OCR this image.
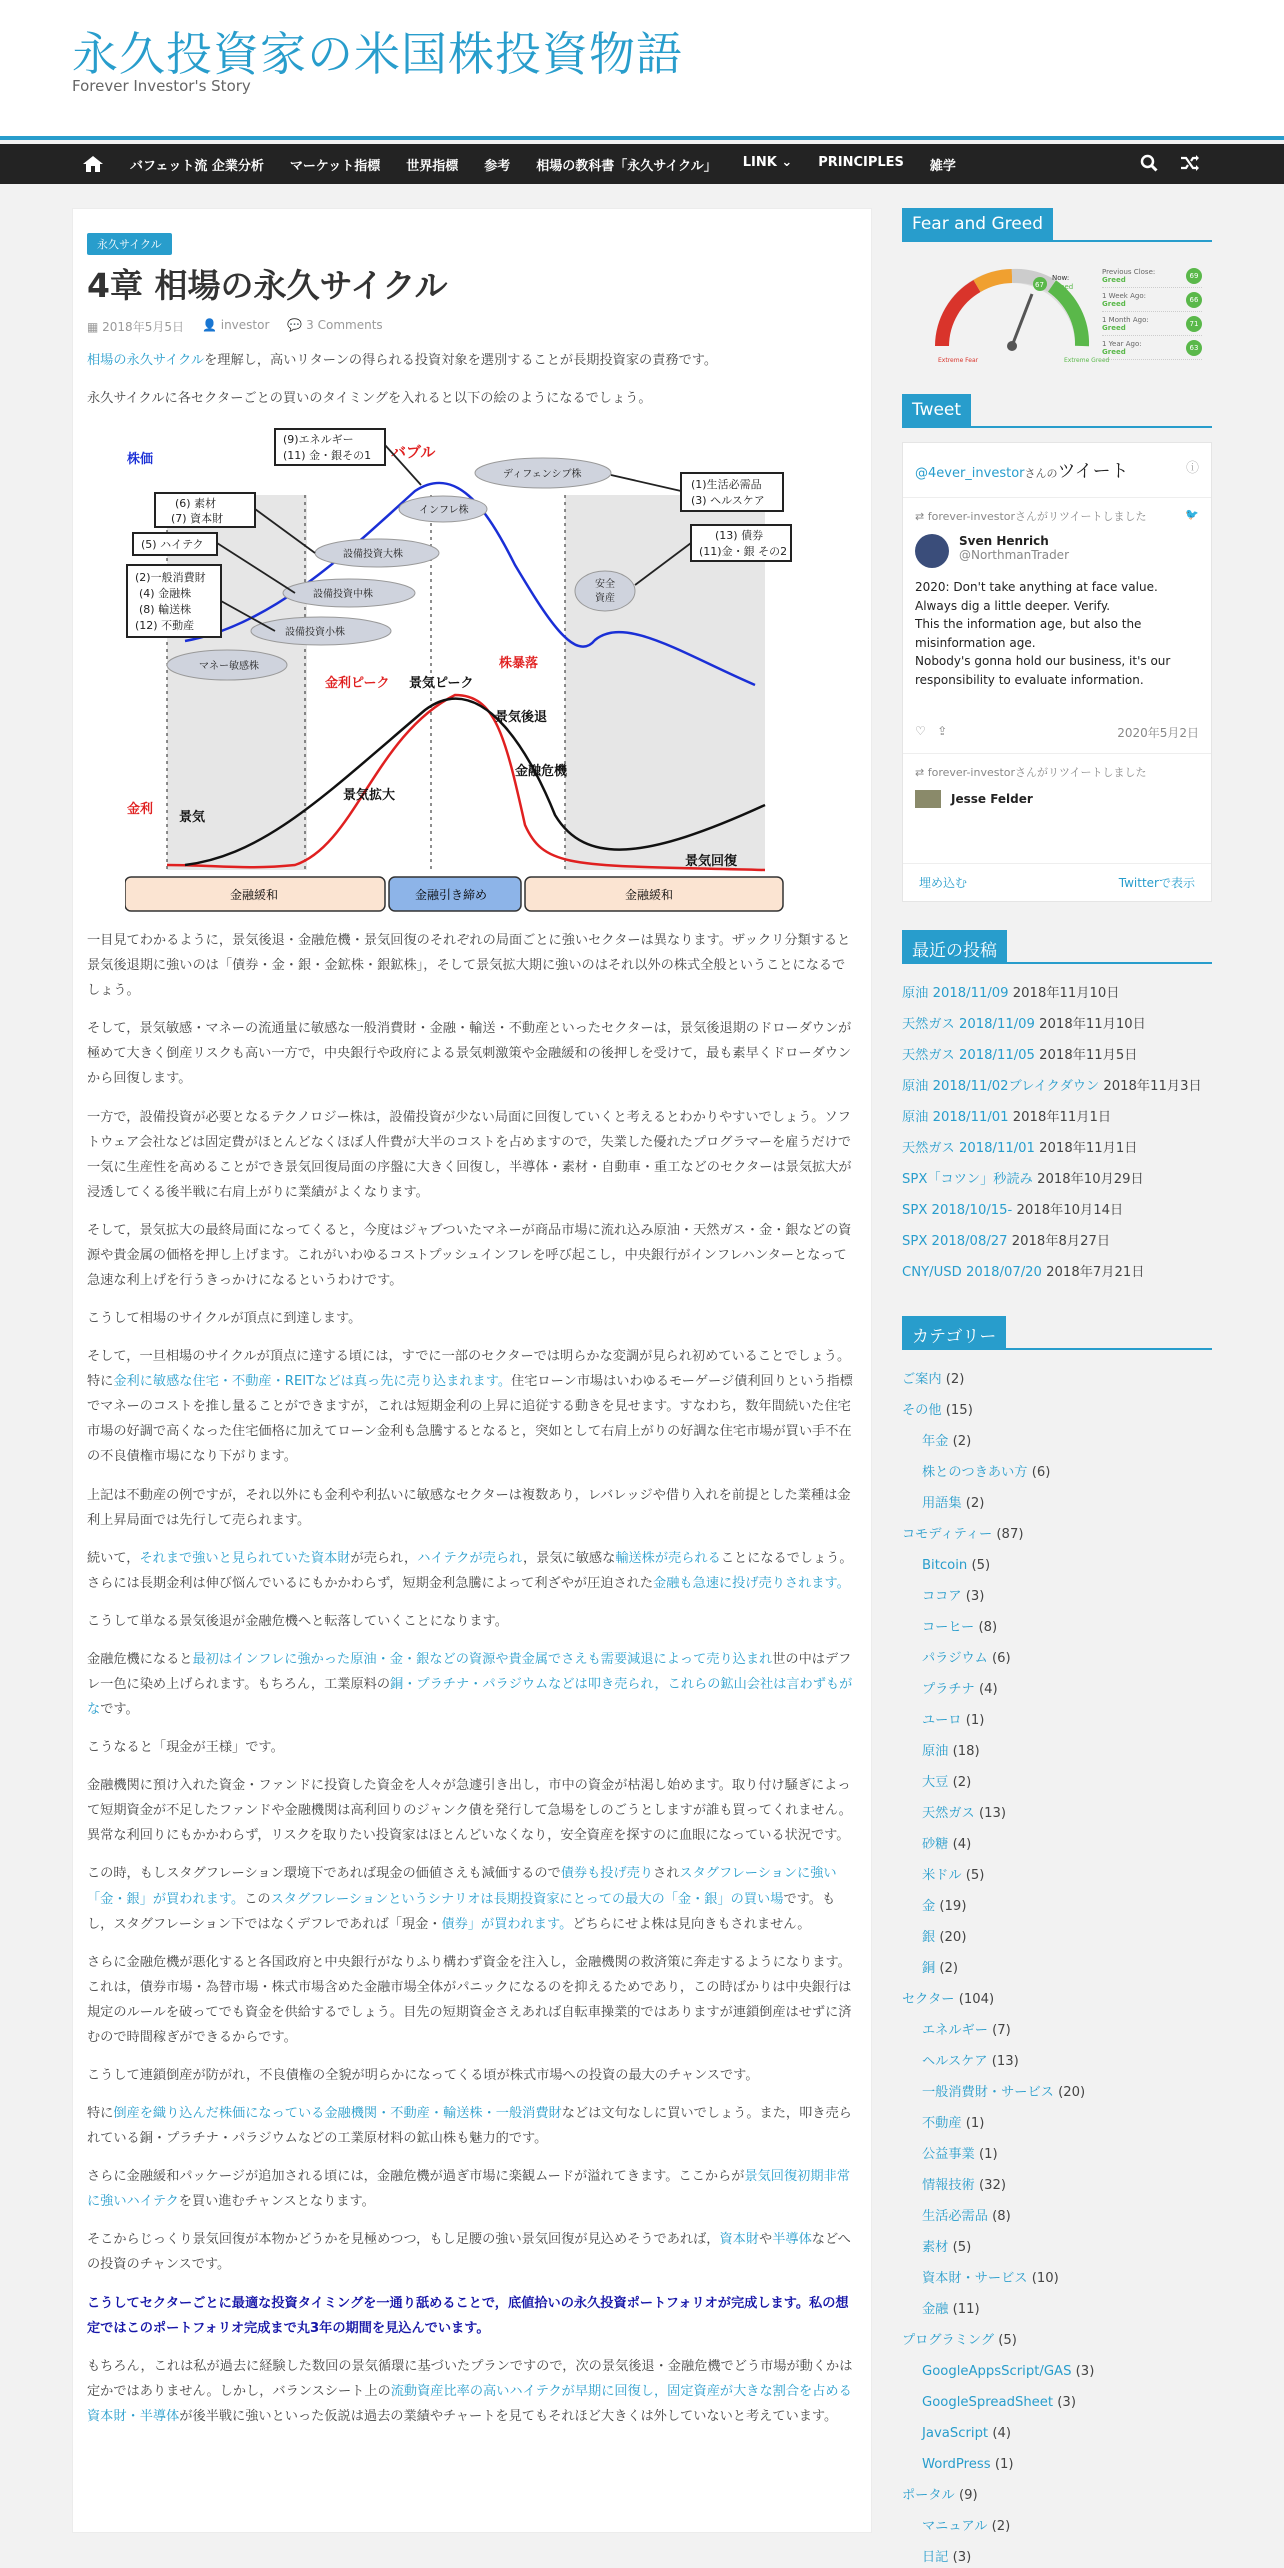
永久投資家の米国株投資物語
Forever Investor's Story
バフェット流 企業分析 マーケット指標 世界指標 参考 相場の教科書「永久サイクル」 LINK ⌄ PRINCIPLES 雑学
永久サイクル
4章 相場の永久サイクル
▦ 2018年5月5日 👤 investor 💬 3 Comments

相場の永久サイクルを理解し，高いリターンの得られる投資対象を選別することが長期投資家の責務です。

永久サイクルに各セクターごとの買いのタイミングを入れると以下の絵のようになるでしょう。

株価	バブル
金利
景気
金利ピーク 景気ピーク
株暴落
景気後退
景気拡大
金融危機
景気回復
(9)エネルギー
(11) 金・銀その1
(6) 素材
(7) 資本財
(5) ハイテク
(2)一般消費財
(4) 金融株
(8) 輸送株
(12) 不動産
(1)生活必需品
(3) ヘルスケア
(13) 債券
(11)金・銀 その2
ディフェンシブ株
インフレ株
設備投資大株
設備投資中株
設備投資小株
マネー敏感株
安全
資産
金融緩和	金融引き締め	金融緩和

一目見てわかるように，景気後退・金融危機・景気回復のそれぞれの局面ごとに強いセクターは異なります。ザックリ分類すると景気後退期に強いのは「債券・金・銀・金鉱株・銀鉱株」，そして景気拡大期に強いのはそれ以外の株式全般ということになるでしょう。

そして，景気敏感・マネーの流通量に敏感な一般消費財・金融・輸送・不動産といったセクターは，景気後退期のドローダウンが極めて大きく倒産リスクも高い一方で，中央銀行や政府による景気刺激策や金融緩和の後押しを受けて，最も素早くドローダウンから回復します。

一方で，設備投資が必要となるテクノロジー株は，設備投資が少ない局面に回復していくと考えるとわかりやすいでしょう。ソフトウェア会社などは固定費がほとんどなくほぼ人件費が大半のコストを占めますので，失業した優れたプログラマーを雇うだけで一気に生産性を高めることができ景気回復局面の序盤に大きく回復し，半導体・素材・自動車・重工などのセクターは景気拡大が浸透してくる後半戦に右肩上がりに業績がよくなります。

そして，景気拡大の最終局面になってくると，今度はジャブついたマネーが商品市場に流れ込み原油・天然ガス・金・銀などの資源や貴金属の価格を押し上げます。これがいわゆるコストプッシュインフレを呼び起こし，中央銀行がインフレハンターとなって急速な利上げを行うきっかけになるというわけです。

こうして相場のサイクルが頂点に到達します。

そして，一旦相場のサイクルが頂点に達する頃には，すでに一部のセクターでは明らかな変調が見られ初めていることでしょう。特に金利に敏感な住宅・不動産・REITなどは真っ先に売り込まれます。住宅ローン市場はいわゆるモーゲージ債利回りという指標でマネーのコストを推し量ることができますが，これは短期金利の上昇に追従する動きを見せます。すなわち，数年間続いた住宅市場の好調で高くなった住宅価格に加えてローン金利も急騰するとなると，突如として右肩上がりの好調な住宅市場が買い手不在の不良債権市場になり下がります。

上記は不動産の例ですが，それ以外にも金利や利払いに敏感なセクターは複数あり，レバレッジや借り入れを前提とした業種は金利上昇局面では先行して売られます。

続いて，それまで強いと見られていた資本財が売られ，ハイテクが売られ，景気に敏感な輸送株が売られることになるでしょう。さらには長期金利は伸び悩んでいるにもかかわらず，短期金利急騰によって利ざやが圧迫された金融も急速に投げ売りされます。

こうして単なる景気後退が金融危機へと転落していくことになります。

金融危機になると最初はインフレに強かった原油・金・銀などの資源や貴金属でさえも需要減退によって売り込まれ世の中はデフレ一色に染め上げられます。もちろん，工業原料の銅・プラチナ・パラジウムなどは叩き売られ，これらの鉱山会社は言わずもがなです。

こうなると「現金が王様」です。

金融機関に預け入れた資金・ファンドに投資した資金を人々が急遽引き出し，市中の資金が枯渇し始めます。取り付け騒ぎによって短期資金が不足したファンドや金融機関は高利回りのジャンク債を発行して急場をしのごうとしますが誰も買ってくれません。異常な利回りにもかかわらず，リスクを取りたい投資家はほとんどいなくなり，安全資産を探すのに血眼になっている状況です。

この時，もしスタグフレーション環境下であれば現金の価値さえも減価するので債券も投げ売りされスタグフレーションに強い「金・銀」が買われます。このスタグフレーションというシナリオは長期投資家にとっての最大の「金・銀」の買い場です。もし，スタグフレーション下ではなくデフレであれば「現金・債券」が買われます。どちらにせよ株は見向きもされません。

さらに金融危機が悪化すると各国政府と中央銀行がなりふり構わず資金を注入し，金融機関の救済策に奔走するようになります。これは，債券市場・為替市場・株式市場含めた金融市場全体がパニックになるのを抑えるためであり，この時ばかりは中央銀行は規定のルールを破ってでも資金を供給するでしょう。目先の短期資金さえあれば自転車操業的ではありますが連鎖倒産はせずに済むので時間稼ぎができるからです。

こうして連鎖倒産が防がれ，不良債権の全貌が明らかになってくる頃が株式市場への投資の最大のチャンスです。

特に倒産を織り込んだ株価になっている金融機関・不動産・輸送株・一般消費財などは文句なしに買いでしょう。また，叩き売られている銅・プラチナ・パラジウムなどの工業原材料の鉱山株も魅力的です。

さらに金融緩和パッケージが追加される頃には，金融危機が過ぎ市場に楽観ムードが溢れてきます。ここからが景気回復初期非常に強いハイテクを買い進むチャンスとなります。

そこからじっくり景気回復が本物かどうかを見極めつつ，もし足腰の強い景気回復が見込めそうであれば，資本財や半導体などへの投資のチャンスです。

こうしてセクターごとに最適な投資タイミングを一通り舐めることで，底値拾いの永久投資ポートフォリオが完成します。私の想定ではこのポートフォリオ完成まで丸3年の期間を見込んでいます。

もちろん，これは私が過去に経験した数回の景気循環に基づいたプランですので，次の景気後退・金融危機でどう市場が動くかは定かではありません。しかし，バランスシート上の流動資産比率の高いハイテクが早期に回復し，固定資産が大きな割合を占める資本財・半導体が後半戦に強いといった仮説は過去の業績やチャートを見てもそれほど大きくは外していないと考えています。

Fear and Greed
67
Now:
Greed
Extreme Fear	Extreme Greed
Previous Close:
Greed	69
1 Week Ago:
Greed	66
1 Month Ago:
Greed	71
1 Year Ago:
Greed	63
Tweet
@4ever_investorさんのツイート	ⓘ
⇄ forever-investorさんがリツイートしました	🐦
Sven Henrich
@NorthmanTrader
2020: Don't take anything at face value.
Always dig a little deeper. Verify.
This the information age, but also the misinformation age.
Nobody's gonna hold our business, it's our responsibility to evaluate information.
♡   ⇪	2020年5月2日
⇄ forever-investorさんがリツイートしました
Jesse Felder
埋め込む	Twitterで表示
最近の投稿
原油 2018/11/09 2018年11月10日
天然ガス 2018/11/09 2018年11月10日
天然ガス 2018/11/05 2018年11月5日
原油 2018/11/02ブレイクダウン 2018年11月3日
原油 2018/11/01 2018年11月1日
天然ガス 2018/11/01 2018年11月1日
SPX「コツン」秒読み 2018年10月29日
SPX 2018/10/15- 2018年10月14日
SPX 2018/08/27 2018年8月27日
CNY/USD 2018/07/20 2018年7月21日
カテゴリー
ご案内 (2)
その他 (15)
年金 (2)
株とのつきあい方 (6)
用語集 (2)
コモディティー (87)
Bitcoin (5)
ココア (3)
コーヒー (8)
パラジウム (6)
プラチナ (4)
ユーロ (1)
原油 (18)
大豆 (2)
天然ガス (13)
砂糖 (4)
米ドル (5)
金 (19)
銀 (20)
銅 (2)
セクター (104)
エネルギー (7)
ヘルスケア (13)
一般消費財・サービス (20)
不動産 (1)
公益事業 (1)
情報技術 (32)
生活必需品 (8)
素材 (5)
資本財・サービス (10)
金融 (11)
プログラミング (5)
GoogleAppsScript/GAS (3)
GoogleSpreadSheet (3)
JavaScript (4)
WordPress (1)
ポータル (9)
マニュアル (2)
日記 (3)
